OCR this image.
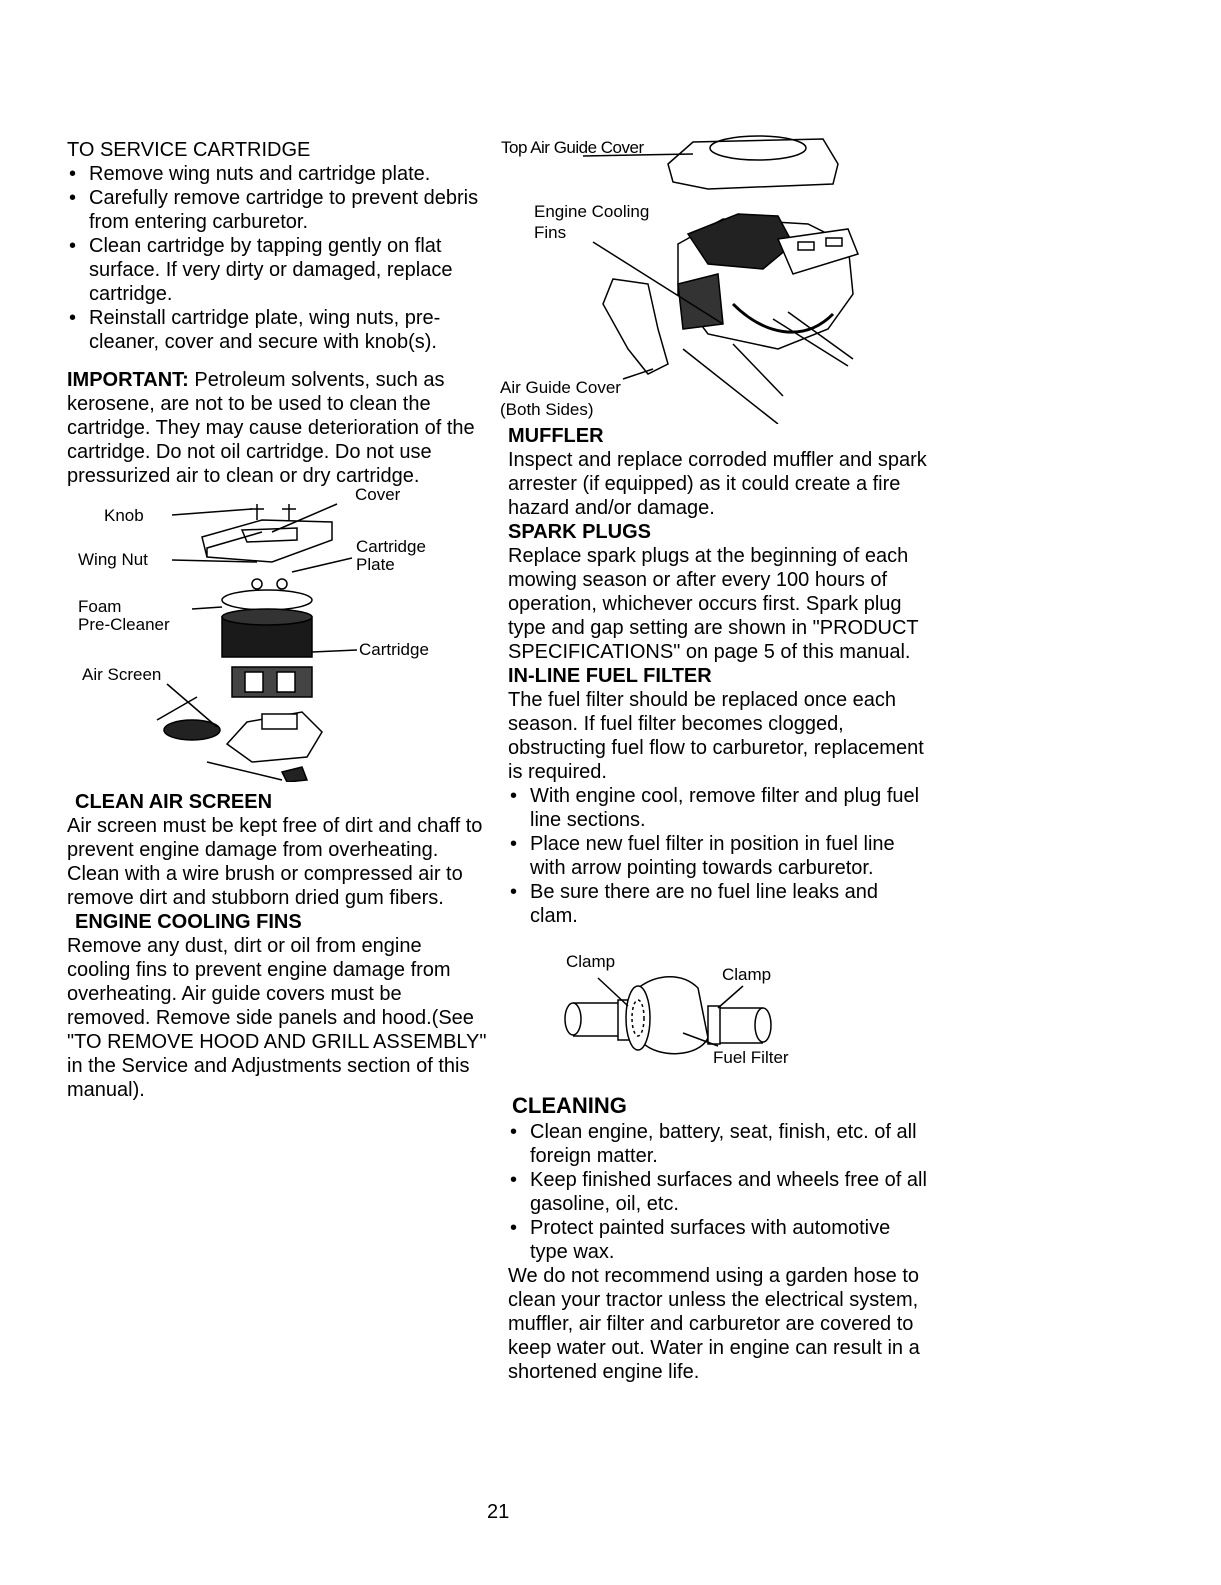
TO SERVICE CARTRIDGE
• Remove wing nuts and cartridge plate.
• Carefully remove cartridge to prevent debris from entering carburetor.
• Clean cartridge by tapping gently on flat surface. If very dirty or damaged, replace cartridge.
• Reinstall cartridge plate, wing nuts, pre-cleaner, cover and secure with knob(s).

IMPORTANT: Petroleum solvents, such as kerosene, are not to be used to clean the cartridge. They may cause deterioration of the cartridge. Do not oil cartridge. Do not use pressurized air to clean or dry cartridge.

Knob
Wing Nut
Foam
Pre-Cleaner
Air Screen
Cover
Cartridge
Plate
Cartridge
CLEAN AIR SCREEN

Air screen must be kept free of dirt and chaff to prevent engine damage from overheating. Clean with a wire brush or compressed air to remove dirt and stubborn dried gum fibers.

ENGINE COOLING FINS

Remove any dust, dirt or oil from engine cooling fins to prevent engine damage from overheating. Air guide covers must be removed. Remove side panels and hood.(See "TO REMOVE HOOD AND GRILL ASSEMBLY" in the Service and Adjustments section of this manual).

Top Air Guide Cover
Engine Cooling
Fins
Air Guide Cover
(Both Sides)
MUFFLER

Inspect and replace corroded muffler and spark arrester (if equipped) as it could create a fire hazard and/or damage.

SPARK PLUGS

Replace spark plugs at the beginning of each mowing season or after every 100 hours of operation, whichever occurs first. Spark plug type and gap setting are shown in "PRODUCT SPECIFICATIONS" on page 5 of this manual.

IN-LINE FUEL FILTER

The fuel filter should be replaced once each season. If fuel filter becomes clogged, obstructing fuel flow to carburetor, replacement is required.

• With engine cool, remove filter and plug fuel line sections.
• Place new fuel filter in position in fuel line with arrow pointing towards carburetor.
• Be sure there are no fuel line leaks and clam.
Clamp
Clamp
Fuel Filter
CLEANING
• Clean engine, battery, seat, finish, etc. of all foreign matter.
• Keep finished surfaces and wheels free of all gasoline, oil, etc.
• Protect painted surfaces with automotive type wax.

We do not recommend using a garden hose to clean your tractor unless the electrical system, muffler, air filter and carburetor are covered to keep water out. Water in engine can result in a shortened engine life.

21
